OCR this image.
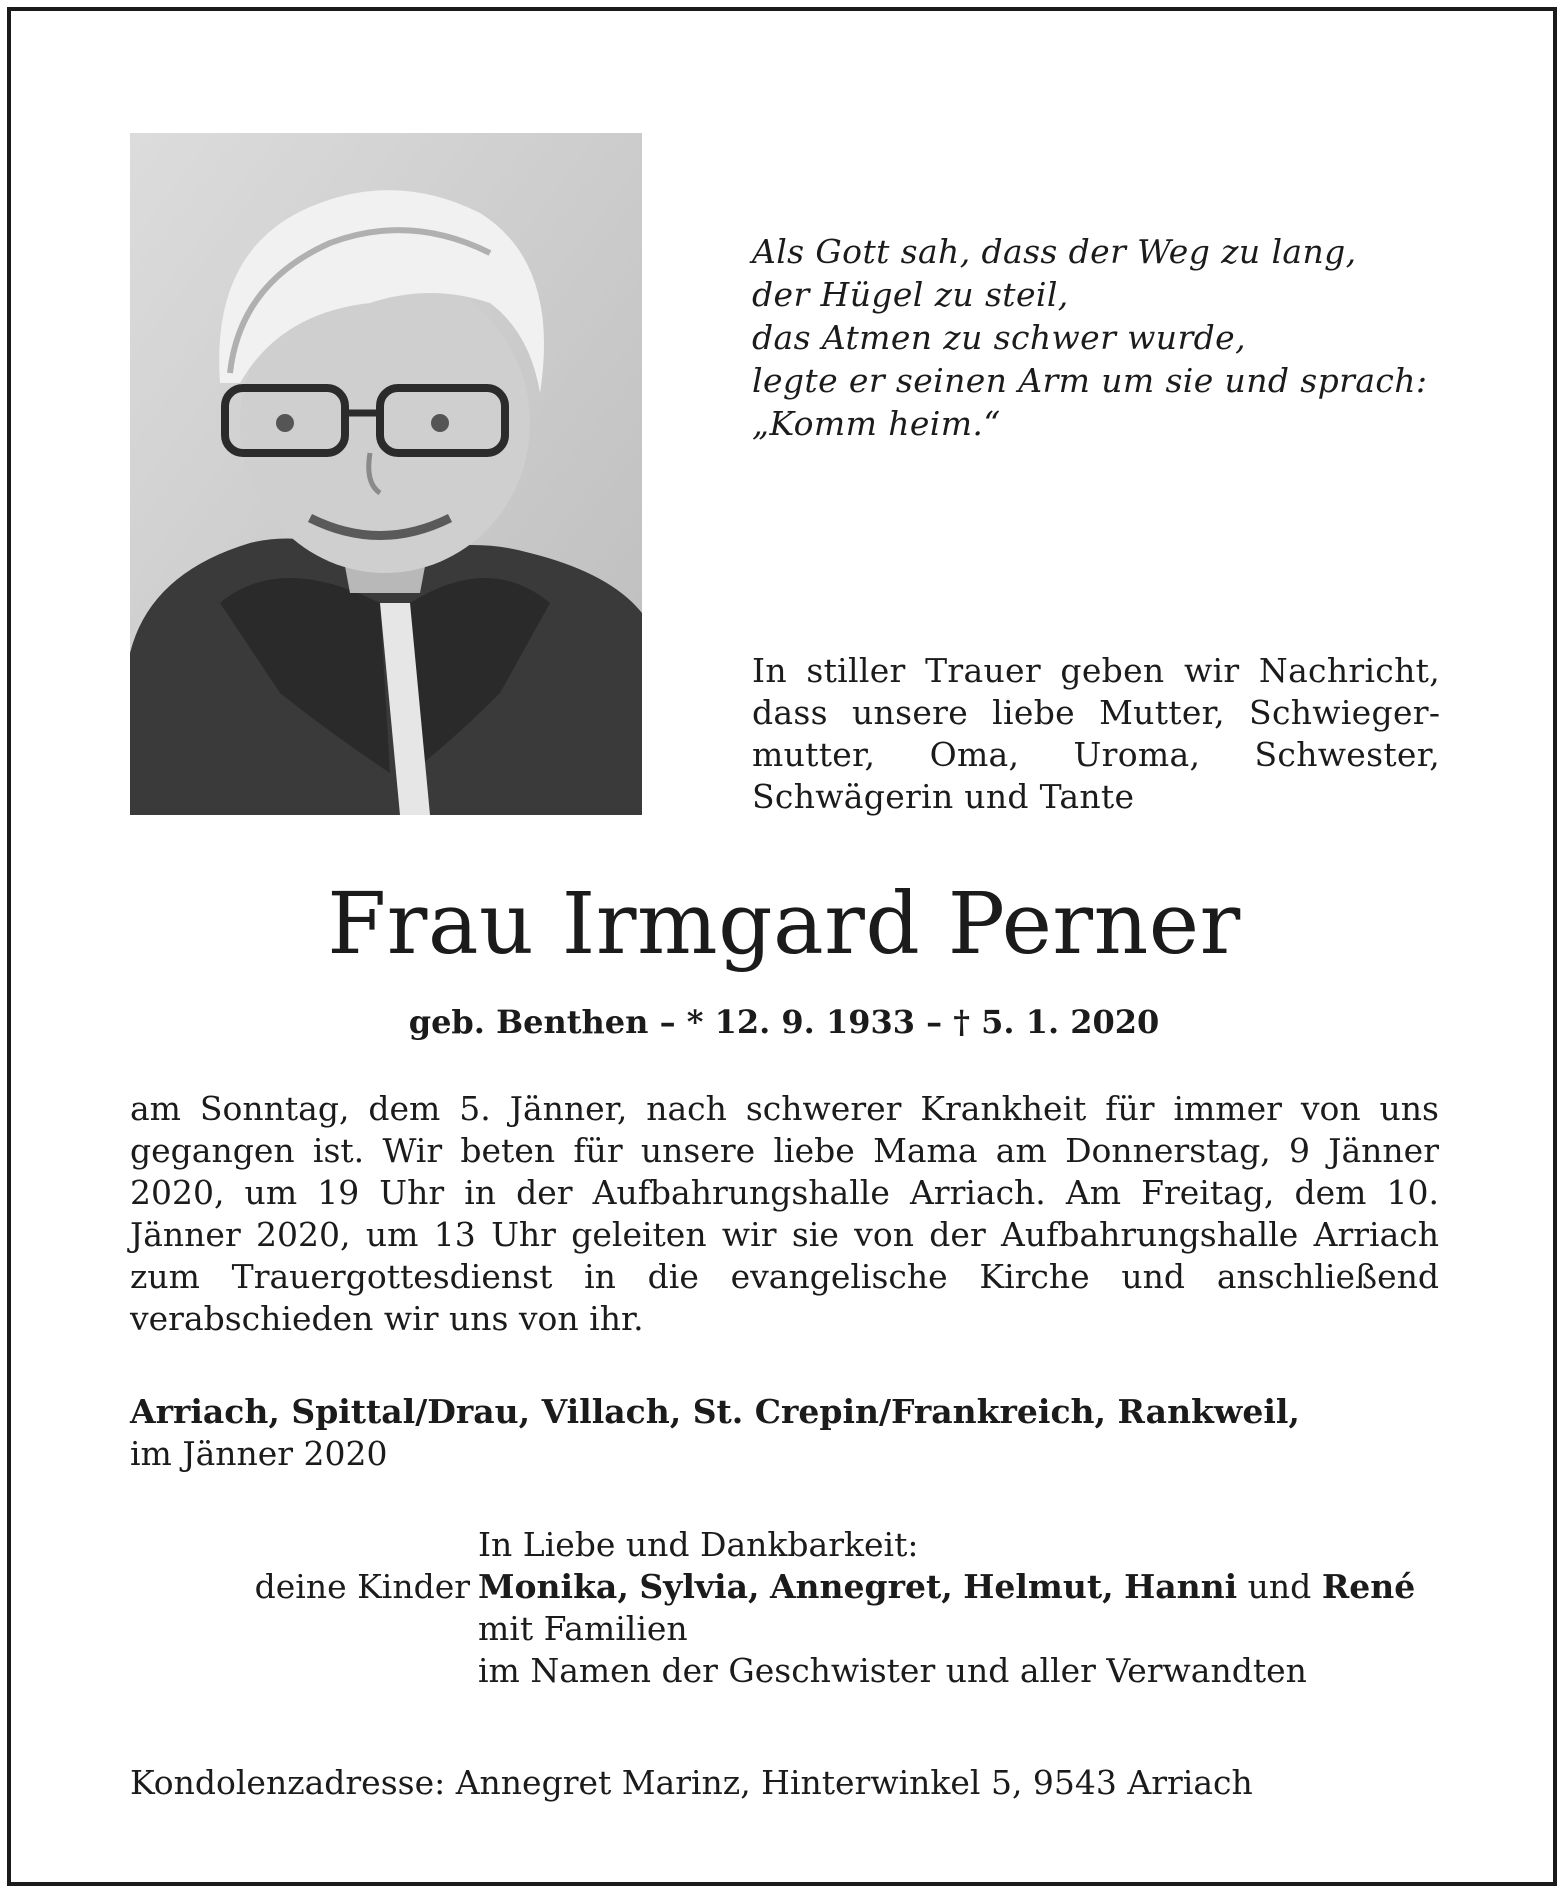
Als Gott sah, dass der Weg zu lang,
der Hügel zu steil,
das Atmen zu schwer wurde,
legte er seinen Arm um sie und sprach:
„Komm heim.“
In stiller Trauer geben wir Nachricht, dass unsere liebe Mutter, Schwiegermutter, Oma, Uroma, Schwester, Schwägerin und Tante
Frau Irmgard Perner
geb. Benthen – * 12. 9. 1933 – † 5. 1. 2020
am Sonntag, dem 5. Jänner, nach schwerer Krankheit für immer von uns gegangen ist. Wir beten für unsere liebe Mama am Donnerstag, 9 Jänner 2020, um 19 Uhr in der Aufbahrungshalle Arriach. Am Freitag, dem 10. Jänner 2020, um 13 Uhr geleiten wir sie von der Aufbahrungshalle Arriach zum Trauergottesdienst in die evangelische Kirche und anschließend verabschieden wir uns von ihr.
Arriach, Spittal/Drau, Villach, St. Crepin/Frankreich, Rankweil,
im Jänner 2020
In Liebe und Dankbarkeit:
deine Kinder Monika, Sylvia, Annegret, Helmut, Hanni und René
mit Familien
im Namen der Geschwister und aller Verwandten
Kondolenzadresse: Annegret Marinz, Hinterwinkel 5, 9543 Arriach
